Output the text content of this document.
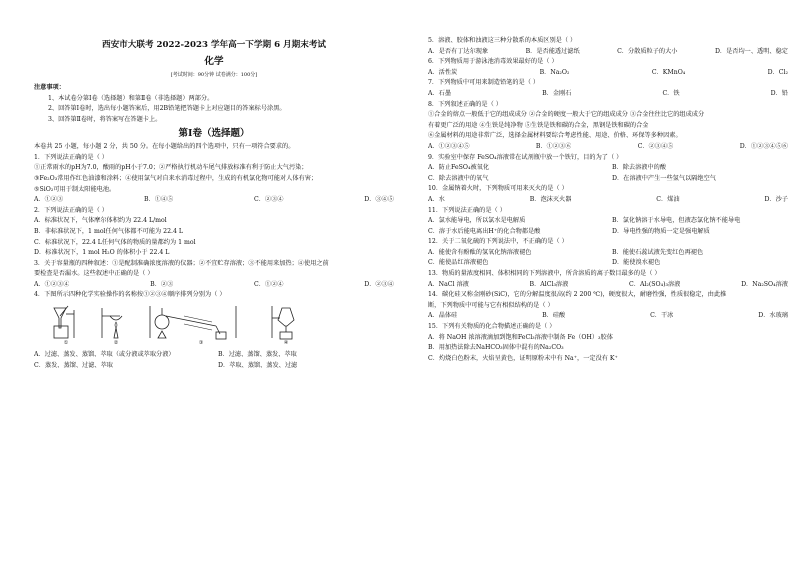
西安市大联考 2022-2023 学年高一下学期 6 月期末考试
化学
[考试时间：90分钟 试卷满分：100分]
注意事项：
1、本试卷分第Ⅰ卷（选择题）和第Ⅱ卷（非选择题）两部分。
2、回答第Ⅰ卷时，选出每小题答案后，用2B铅笔把答题卡上对应题目的答案标号涂黑。
3、回答第Ⅱ卷时，将答案写在答题卡上。
第Ⅰ卷（选择题）
本卷共 25 小题，每小题 2 分，共 50 分。在每小题给出的四个选项中，只有一项符合要求的。
1．下列说法正确的是（ ）
①正常雨水的pH为7.0，酸雨的pH小于7.0；②严格执行机动车尾气排放标准有利于防止大气污染；
③Fe₂O₃常用作红色油漆和涂料；④使用氯气对自来水消毒过程中，生成的有机氯化物可能对人体有害；
⑤SiO₂可用于制太阳能电池。
A．①②③	B．①④⑤	C．②③④	D．③④⑤
2．下列说法正确的是（ ）
A．标准状况下，气体摩尔体积约为 22.4 L/mol
B．非标准状况下，1 mol任何气体都不可能为 22.4 L
C．标准状况下，22.4 L任何气体的物质的量都约为 1 mol
D．标准状况下，1 mol H₂O 的体积小于 22.4 L
3．关于容量瓶的四种叙述：①是配制准确浓度溶液的仪器；②不宜贮存溶液；③不能用来加热；④使用之前
要检查是否漏水。这些叙述中正确的是（ ）
A．①②③④	B．②③	C．①②④	D．②③④
4．下图所示四种化学实验操作的名称按①②③④顺序排列分别为（ ）
①	②	③	④
A．过滤、蒸发、蒸馏、萃取（或分液或萃取分液）	B．过滤、蒸馏、蒸发、萃取
C．蒸发、蒸馏、过滤、萃取	D．萃取、蒸馏、蒸发、过滤
5．溶液、胶体和浊液这三种分散系的本质区别是（ ）
A．是否有丁达尔现象	B．是否能透过滤纸	C．分散质粒子的大小	D．是否均一、透明、稳定
6．下列物质用于游泳池消毒效果最好的是（ ）
A．活性炭	B．Na₂O₂	C．KMnO₄	D．Cl₂
7．下列物质中可用来制造铅笔的是（ ）
A．石墨	B．金刚石	C．铁	D．铅
8．下列叙述正确的是（ ）
①合金的熔点一般低于它的组成成分 ②合金的硬度一般大于它的组成成分 ③合金往往比它的组成成分
有着更广泛的用途 ④生铁是纯净物 ⑤生铁是铁和碳的合金，黑钢是铁和碳的合金
⑥金属材料的用途非常广泛，选择金属材料要综合考虑性能、用途、价格、环保等多种因素。
A．①②③④⑤	B．①②③⑥	C．②③④⑤	D．①②③④⑤⑥
9．实验室中保存 FeSO₄溶液常在试剂瓶中放一个铁钉，目的为了（ ）
A．防止FeSO₄被氧化	B．除去溶液中的酸
C．除去溶液中的氧气	D．在溶液中产生一些氢气以隔绝空气
10．金属钠着火时，下列物质可用来灭火的是（ ）
A．水	B．泡沫灭火器	C．煤油	D．沙子
11．下列说法正确的是（ ）
A．氯水能导电，所以氯水是电解质	B．氯化钠溶于水导电，但液态氯化钠不能导电
C．溶于水后能电离出H⁺的化合物都是酸	D．导电性强的物质一定是强电解质
12．关于二氧化硫的下列说法中，不正确的是（ ）
A．能使含有酚酞的氢氧化钠溶液褪色	B．能使石蕊试液先变红色再褪色
C．能使品红溶液褪色	D．能使溴水褪色
13．物质的量浓度相同、体积相同的下列溶液中，所含溶质的离子数目最多的是（ ）
A．NaCl 溶液	B．AlCl₃溶液	C．Al₂(SO₄)₃溶液	D．Na₂SO₄溶液
14．碳化硅又称金刚砂(SiC)，它的分解温度很高(约 2 200 ℃)，硬度很大，耐磨性强，性质很稳定，由此推
断，下列物质中可能与它有相似结构的是（ ）
A．晶体硅	B．硅酸	C．干冰	D．水玻璃
15．下列有关物质的化合物描述正确的是（ ）
A．将 NaOH 浓溶液滴加到饱和FeCl₃溶液中制备 Fe（OH）₃胶体
B．用加热法除去NaHCO₃固体中混有的Na₂CO₃
C．灼烧白色粉末，火焰呈黄色，证明原粉末中有 Na⁺，一定没有 K⁺
